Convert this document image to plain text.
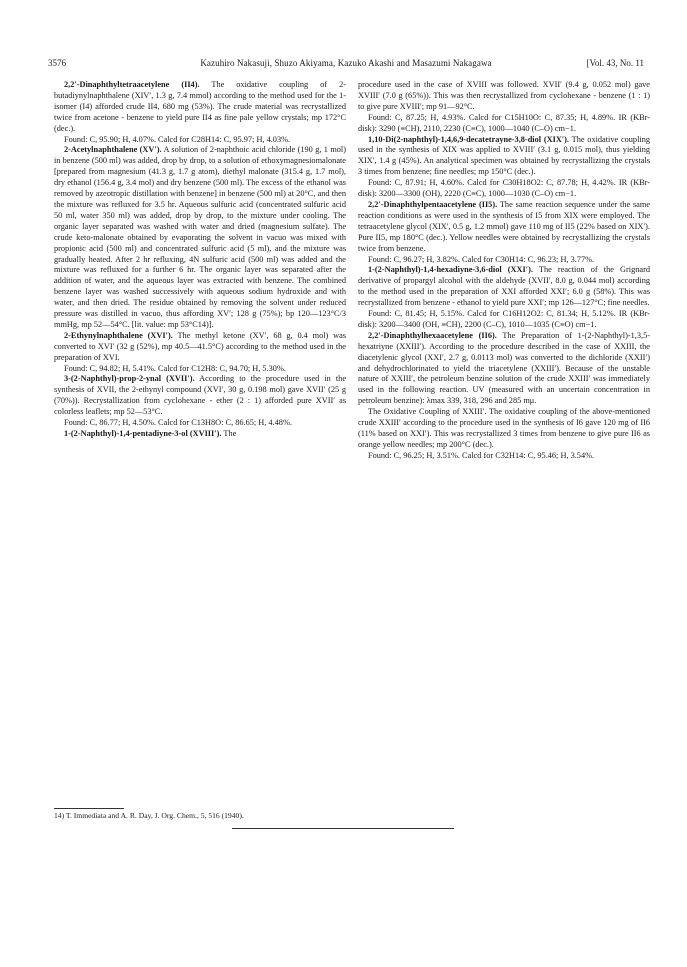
3576	Kazuhiro Nakasuji, Shuzo Akiyama, Kazuko Akashi and Masazumi Nakagawa	[Vol. 43, No. 11

2,2′-Dinaphthyltetraacetylene (II4). The oxidative coupling of 2-butadiynylnaphthalene (XIV′, 1.3 g, 7.4 mmol) according to the method used for the 1-isomer (I4) afforded crude II4, 680 mg (53%). The crude material was recrystallized twice from acetone - benzene to yield pure II4 as fine pale yellow crystals; mp 172°C (dec.).

Found: C, 95.90; H, 4.07%. Calcd for C28H14: C, 95.97; H, 4.03%.

2-Acetylnaphthalene (XV′). A solution of 2-naphthoic acid chloride (190 g, 1 mol) in benzene (500 ml) was added, drop by drop, to a solution of ethoxymagnesiomalonate [prepared from magnesium (41.3 g, 1.7 g atom), diethyl malonate (315.4 g, 1.7 mol), dry ethanol (156.4 g, 3.4 mol) and dry benzene (500 ml). The excess of the ethanol was removed by azeotropic distillation with benzene] in benzene (500 ml) at 20°C, and then the mixture was refluxed for 3.5 hr. Aqueous sulfuric acid (concentrated sulfuric acid 50 ml, water 350 ml) was added, drop by drop, to the mixture under cooling. The organic layer separated was washed with water and dried (magnesium sulfate). The crude keto-malonate obtained by evaporating the solvent in vacuo was mixed with propionic acid (500 ml) and concentrated sulfuric acid (5 ml), and the mixture was gradually heated. After 2 hr refluxing, 4N sulfuric acid (500 ml) was added and the mixture was refluxed for a further 6 hr. The organic layer was separated after the addition of water, and the aqueous layer was extracted with benzene. The combined benzene layer was washed successively with aqueous sodium hydroxide and with water, and then dried. The residue obtained by removing the solvent under reduced pressure was distilled in vacuo, thus affording XV′; 128 g (75%); bp 120—123°C/3 mmHg, mp 52—54°C. [lit. value: mp 53°C14)].

2-Ethynylnaphthalene (XVI′). The methyl ketone (XV′, 68 g, 0.4 mol) was converted to XVI′ (32 g (52%), mp 40.5—41.5°C) according to the method used in the preparation of XVI.

Found: C, 94.82; H, 5.41%. Calcd for C12H8: C, 94.70; H, 5.30%.

3-(2-Naphthyl)-prop-2-ynal (XVII′). According to the procedure used in the synthesis of XVII, the 2-ethynyl compound (XVI′, 30 g, 0.198 mol) gave XVII′ (25 g (70%)). Recrystallization from cyclohexane - ether (2 : 1) afforded pure XVII′ as colorless leaflets; mp 52—53°C.

Found: C, 86.77; H, 4.50%. Calcd for C13H8O: C, 86.65; H, 4.48%.

1-(2-Naphthyl)-1,4-pentadiyne-3-ol (XVIII′). The

14) T. Immediata and A. R. Day, J. Org. Chem., 5, 516 (1940).

procedure used in the case of XVIII was followed. XVII′ (9.4 g, 0.052 mol) gave XVIII′ (7.0 g (65%)). This was then recrystallized from cyclohexane - benzene (1 : 1) to give pure XVIII′; mp 91—92°C.

Found: C, 87.25; H, 4.93%. Calcd for C15H10O: C, 87.35; H, 4.89%. IR (KBr-disk): 3290 (≡CH), 2110, 2230 (C≡C), 1000—1040 (C–O) cm−1.

1,10-Di(2-naphthyl)-1,4,6,9-decatetrayne-3,8-diol (XIX′). The oxidative coupling used in the synthesis of XIX was applied to XVIII′ (3.1 g, 0.015 mol), thus yielding XIX′, 1.4 g (45%). An analytical specimen was obtained by recrystallizing the crystals 3 times from benzene; fine needles; mp 150°C (dec.).

Found: C, 87.91; H, 4.60%. Calcd for C30H18O2: C, 87.78; H, 4.42%. IR (KBr-disk): 3200—3300 (OH), 2220 (C≡C), 1000—1030 (C–O) cm−1.

2,2′-Dinaphthylpentaacetylene (II5). The same reaction sequence under the same reaction conditions as were used in the synthesis of I5 from XIX were employed. The tetraacetylene glycol (XIX′, 0.5 g, 1.2 mmol) gave 110 mg of II5 (22% based on XIX′). Pure II5, mp 180°C (dec.). Yellow needles were obtained by recrystallizing the crystals twice from benzene.

Found: C, 96.27; H, 3.82%. Calcd for C30H14: C, 96.23; H, 3.77%.

1-(2-Naphthyl)-1,4-hexadiyne-3,6-diol (XXI′). The reaction of the Grignard derivative of propargyl alcohol with the aldehyde (XVII′, 8.0 g, 0.044 mol) according to the method used in the preparation of XXI afforded XXI′; 6.0 g (58%). This was recrystallized from benzene - ethanol to yield pure XXI′; mp 126—127°C; fine needles.

Found: C, 81.45; H, 5.15%. Calcd for C16H12O2: C, 81.34; H, 5.12%. IR (KBr-disk): 3200—3400 (OH, ≡CH), 2200 (C–C), 1010—1035 (C≡O) cm−1.

2,2′-Dinaphthylhexaacetylene (II6). The Preparation of 1-(2-Naphthyl)-1,3,5-hexatriyne (XXIII′). According to the procedure described in the case of XXIII, the diacetylenic glycol (XXI′, 2.7 g, 0.0113 mol) was converted to the dichloride (XXII′) and dehydrochlorinated to yield the triacetylene (XXIII′). Because of the unstable nature of XXIII′, the petroleum benzine solution of the crude XXIII′ was immediately used in the following reaction. UV (measured with an uncertain concentration in petroleum benzine): λmax 339, 318, 296 and 285 mμ.

The Oxidative Coupling of XXIII′. The oxidative coupling of the above-mentioned crude XXIII′ according to the procedure used in the synthesis of I6 gave 120 mg of II6 (11% based on XXI′). This was recrystallized 3 times from benzene to give pure II6 as orange yellow needles; mp 200°C (dec.).

Found: C, 96.25; H, 3.51%. Calcd for C32H14: C, 95.46; H, 3.54%.
